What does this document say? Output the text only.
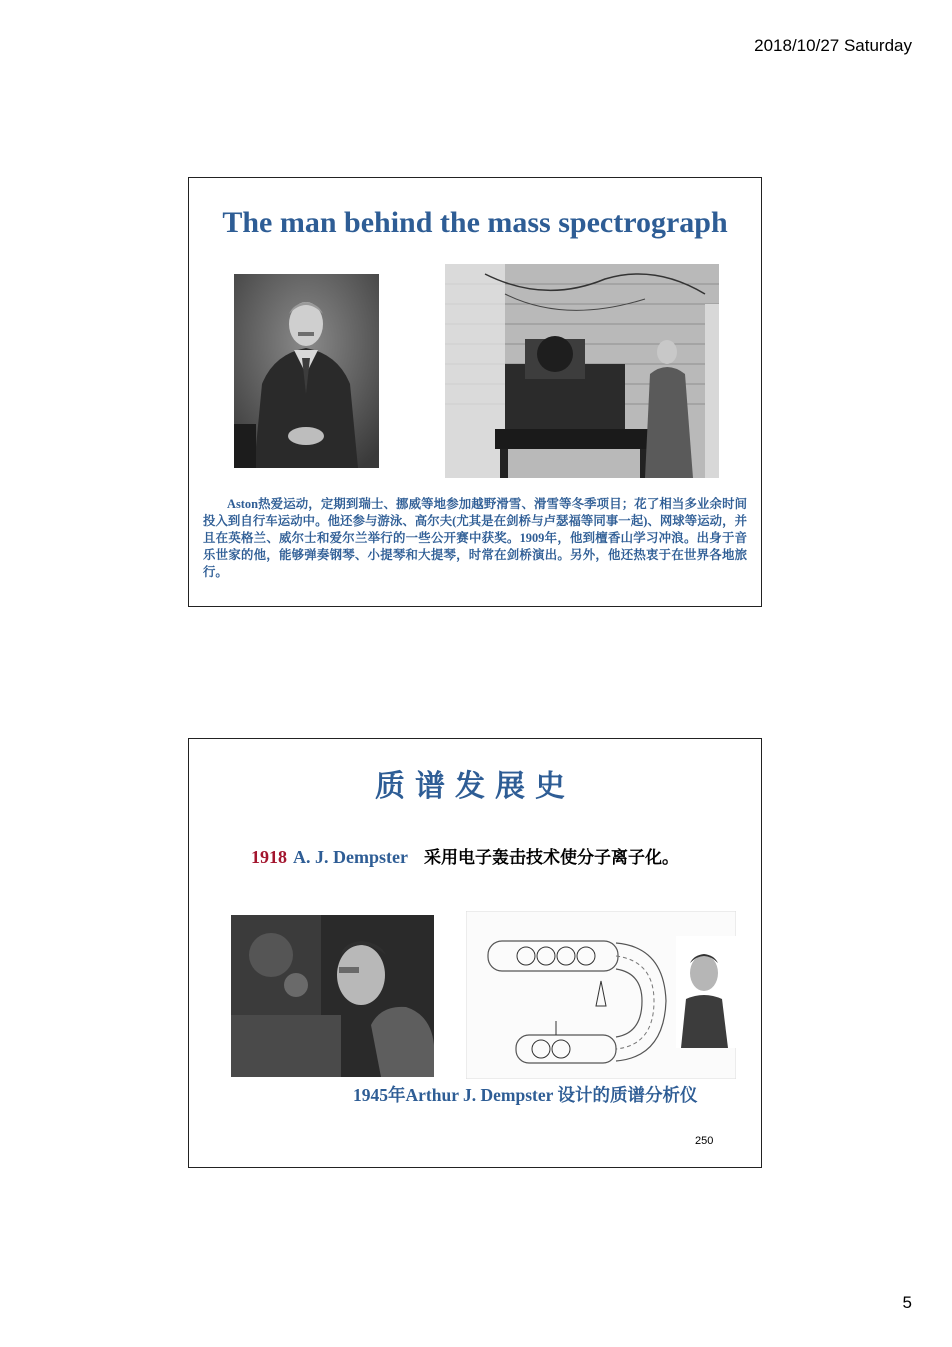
2018/10/27 Saturday
The man behind the mass spectrograph
Aston热爱运动，定期到瑞士、挪威等地参加越野滑雪、滑雪等冬季项目；花了相当多业余时间投入到自行车运动中。他还参与游泳、高尔夫(尤其是在剑桥与卢瑟福等同事一起)、网球等运动，并且在英格兰、威尔士和爱尔兰举行的一些公开赛中获奖。1909年，他到檀香山学习冲浪。出身于音乐世家的他，能够弹奏钢琴、小提琴和大提琴，时常在剑桥演出。另外，他还热衷于在世界各地旅行。
质谱发展史
1918 A. J. Dempster 采用电子轰击技术使分子离子化。
1945年Arthur J. Dempster 设计的质谱分析仪
250
5
